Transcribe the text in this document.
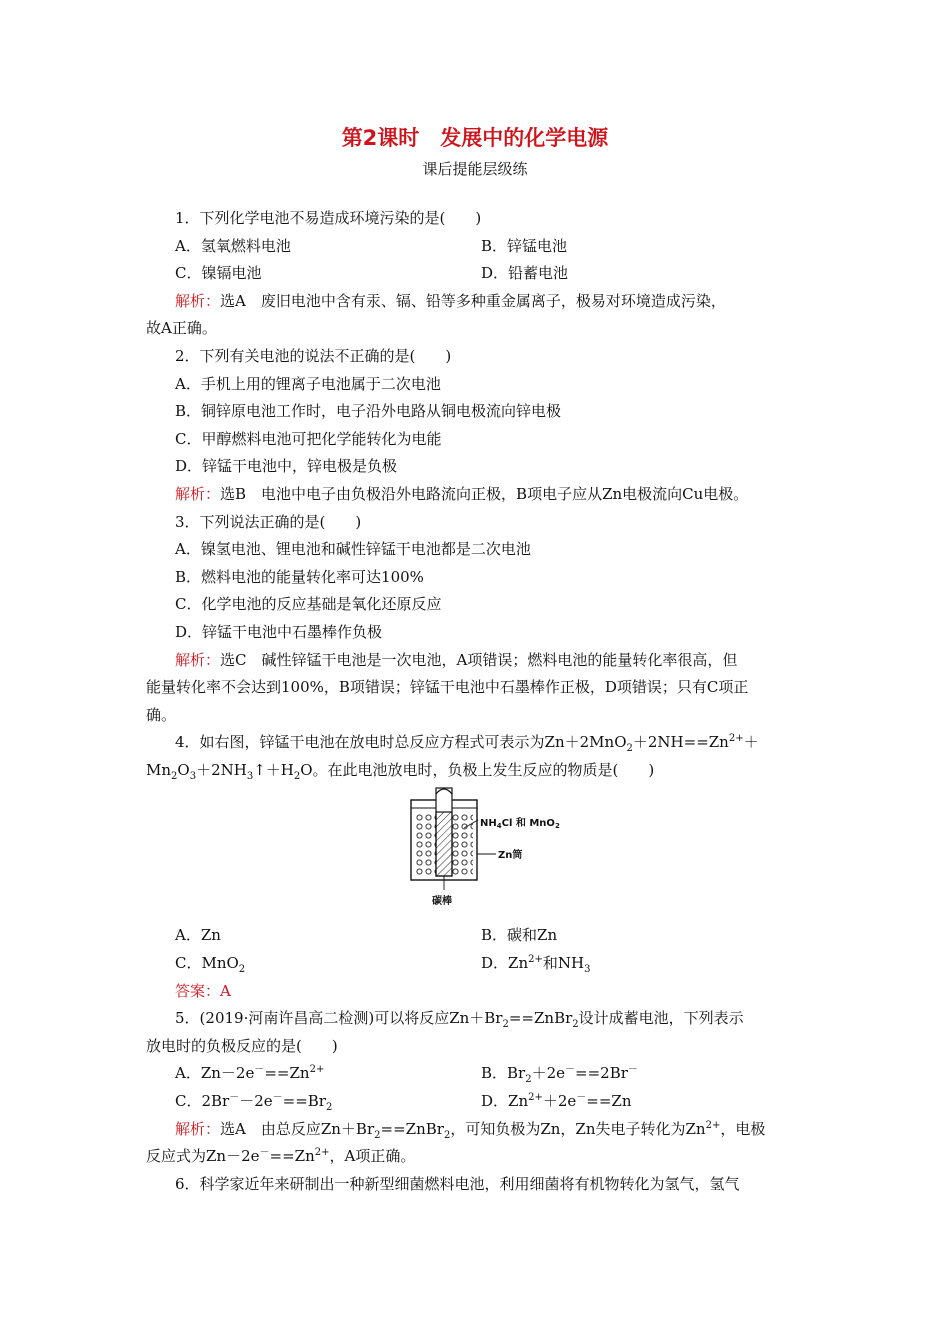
第2课时　发展中的化学电源
课后提能层级练
1．下列化学电池不易造成环境污染的是(　　)
A．氢氧燃料电池	B．锌锰电池
C．镍镉电池	D．铅蓄电池
解析：选A　废旧电池中含有汞、镉、铅等多种重金属离子，极易对环境造成污染，
故A正确。
2．下列有关电池的说法不正确的是(　　)
A．手机上用的锂离子电池属于二次电池
B．铜锌原电池工作时，电子沿外电路从铜电极流向锌电极
C．甲醇燃料电池可把化学能转化为电能
D．锌锰干电池中，锌电极是负极
解析：选B　电池中电子由负极沿外电路流向正极，B项电子应从Zn电极流向Cu电极。
3．下列说法正确的是(　　)
A．镍氢电池、锂电池和碱性锌锰干电池都是二次电池
B．燃料电池的能量转化率可达100%
C．化学电池的反应基础是氧化还原反应
D．锌锰干电池中石墨棒作负极
解析：选C　碱性锌锰干电池是一次电池，A项错误；燃料电池的能量转化率很高，但
能量转化率不会达到100%，B项错误；锌锰干电池中石墨棒作正极，D项错误；只有C项正
确。
4．如右图，锌锰干电池在放电时总反应方程式可表示为$Zn+2MnO_2+2NH==Zn^{2+}+$
$Mn_2O_3+2NH_3↑+H_2O$。在此电池放电时，负极上发生反应的物质是(　　)
$NH_4Cl$ 和 MnO$_2$
Zn筒
碳棒
A．Zn	B．碳和Zn
C．MnO$_2$	D．$Zn^{2+}$和$NH_3$
答案：A
5．(2019·河南许昌高二检测)可以将反应$Zn+Br_2==ZnBr_2$设计成蓄电池，下列表示
放电时的负极反应的是(　　)
A．$Zn-2e^-==Zn^{2+}$	B．$Br_2+2e^-==2Br^-$
C．$2Br^--2e^-==Br_2$	D．$Zn^{2+}+2e^-==Zn$
解析：选A　由总反应$Zn+Br_2==ZnBr_2$，可知负极为Zn，Zn失电子转化为$Zn^{2+}$，电极
反应式为$Zn-2e^-==Zn^{2+}$，A项正确。
6．科学家近年来研制出一种新型细菌燃料电池，利用细菌将有机物转化为氢气，氢气
